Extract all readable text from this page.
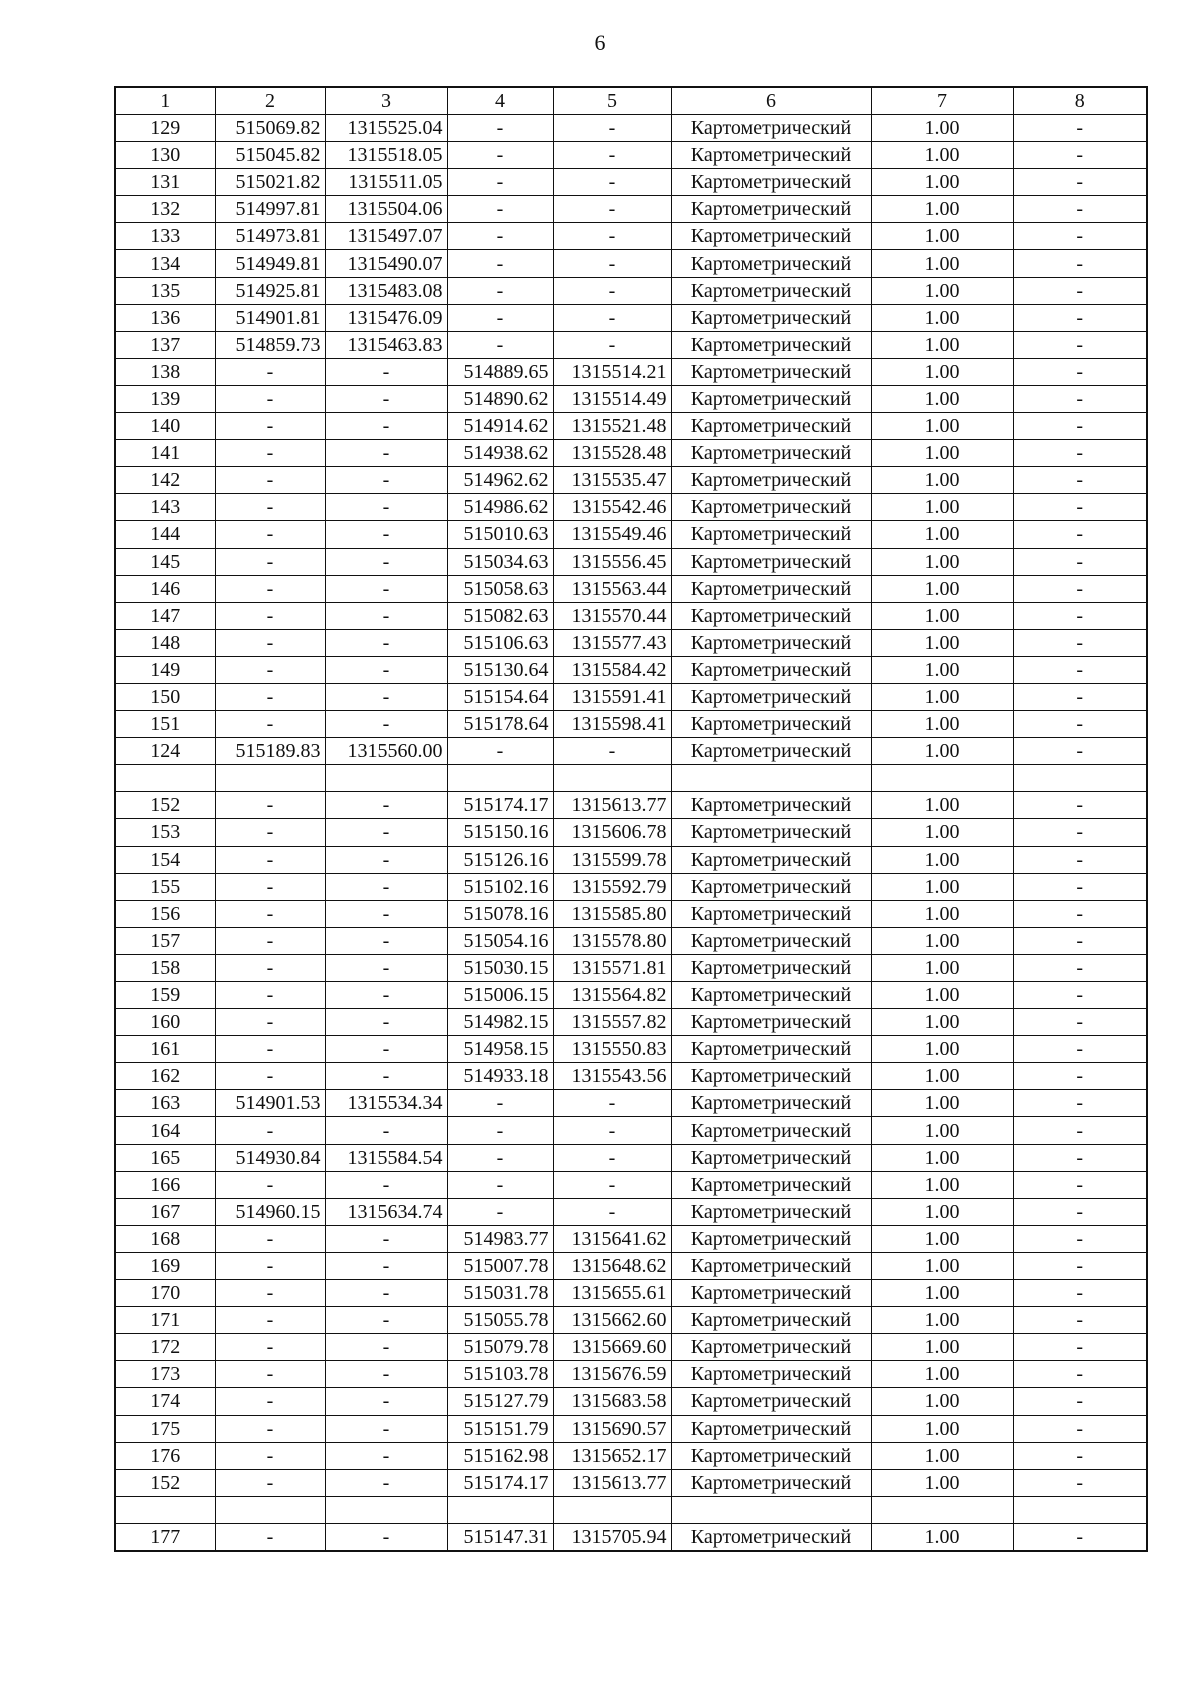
6
1	2	3	4	5	6	7	8
129	515069.82	1315525.04	-	-	Картометрический	1.00	-
130	515045.82	1315518.05	-	-	Картометрический	1.00	-
131	515021.82	1315511.05	-	-	Картометрический	1.00	-
132	514997.81	1315504.06	-	-	Картометрический	1.00	-
133	514973.81	1315497.07	-	-	Картометрический	1.00	-
134	514949.81	1315490.07	-	-	Картометрический	1.00	-
135	514925.81	1315483.08	-	-	Картометрический	1.00	-
136	514901.81	1315476.09	-	-	Картометрический	1.00	-
137	514859.73	1315463.83	-	-	Картометрический	1.00	-
138	-	-	514889.65	1315514.21	Картометрический	1.00	-
139	-	-	514890.62	1315514.49	Картометрический	1.00	-
140	-	-	514914.62	1315521.48	Картометрический	1.00	-
141	-	-	514938.62	1315528.48	Картометрический	1.00	-
142	-	-	514962.62	1315535.47	Картометрический	1.00	-
143	-	-	514986.62	1315542.46	Картометрический	1.00	-
144	-	-	515010.63	1315549.46	Картометрический	1.00	-
145	-	-	515034.63	1315556.45	Картометрический	1.00	-
146	-	-	515058.63	1315563.44	Картометрический	1.00	-
147	-	-	515082.63	1315570.44	Картометрический	1.00	-
148	-	-	515106.63	1315577.43	Картометрический	1.00	-
149	-	-	515130.64	1315584.42	Картометрический	1.00	-
150	-	-	515154.64	1315591.41	Картометрический	1.00	-
151	-	-	515178.64	1315598.41	Картометрический	1.00	-
124	515189.83	1315560.00	-	-	Картометрический	1.00	-

152	-	-	515174.17	1315613.77	Картометрический	1.00	-
153	-	-	515150.16	1315606.78	Картометрический	1.00	-
154	-	-	515126.16	1315599.78	Картометрический	1.00	-
155	-	-	515102.16	1315592.79	Картометрический	1.00	-
156	-	-	515078.16	1315585.80	Картометрический	1.00	-
157	-	-	515054.16	1315578.80	Картометрический	1.00	-
158	-	-	515030.15	1315571.81	Картометрический	1.00	-
159	-	-	515006.15	1315564.82	Картометрический	1.00	-
160	-	-	514982.15	1315557.82	Картометрический	1.00	-
161	-	-	514958.15	1315550.83	Картометрический	1.00	-
162	-	-	514933.18	1315543.56	Картометрический	1.00	-
163	514901.53	1315534.34	-	-	Картометрический	1.00	-
164	-	-	-	-	Картометрический	1.00	-
165	514930.84	1315584.54	-	-	Картометрический	1.00	-
166	-	-	-	-	Картометрический	1.00	-
167	514960.15	1315634.74	-	-	Картометрический	1.00	-
168	-	-	514983.77	1315641.62	Картометрический	1.00	-
169	-	-	515007.78	1315648.62	Картометрический	1.00	-
170	-	-	515031.78	1315655.61	Картометрический	1.00	-
171	-	-	515055.78	1315662.60	Картометрический	1.00	-
172	-	-	515079.78	1315669.60	Картометрический	1.00	-
173	-	-	515103.78	1315676.59	Картометрический	1.00	-
174	-	-	515127.79	1315683.58	Картометрический	1.00	-
175	-	-	515151.79	1315690.57	Картометрический	1.00	-
176	-	-	515162.98	1315652.17	Картометрический	1.00	-
152	-	-	515174.17	1315613.77	Картометрический	1.00	-

177	-	-	515147.31	1315705.94	Картометрический	1.00	-
